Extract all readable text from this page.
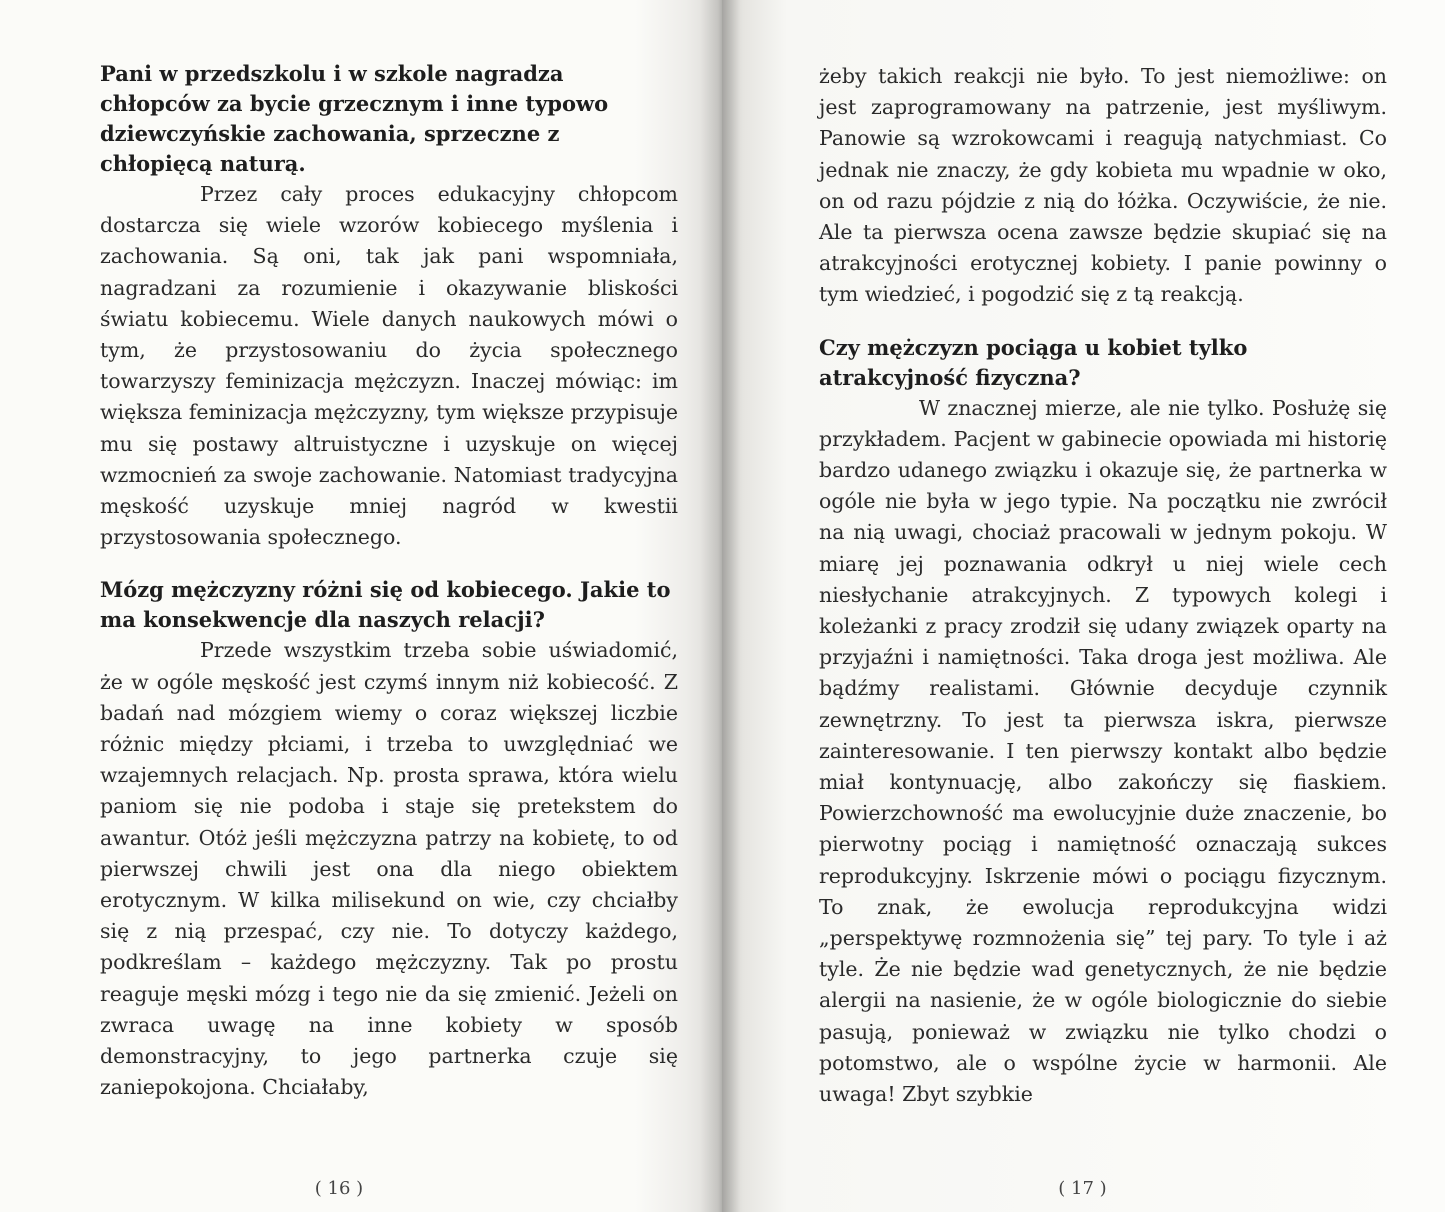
Pani w przedszkolu i w szkole nagradza chłopców za bycie grzecznym i inne typowo dziewczyńskie zachowania, sprzeczne z chłopięcą naturą.
Przez cały proces edukacyjny chłopcom dostarcza się wiele wzorów kobiecego myślenia i zachowania. Są oni, tak jak pani wspomniała, nagradzani za rozumienie i okazywanie bliskości światu kobiecemu. Wiele danych naukowych mówi o tym, że przystosowaniu do życia społecznego towarzyszy feminizacja mężczyzn. Inaczej mówiąc: im większa feminizacja mężczyzny, tym większe przypisuje mu się postawy altruistyczne i uzyskuje on więcej wzmocnień za swoje zachowanie. Natomiast tradycyjna męskość uzyskuje mniej nagród w kwestii przystosowania społecznego.
Mózg mężczyzny różni się od kobiecego. Jakie to ma konsekwencje dla naszych relacji?
Przede wszystkim trzeba sobie uświadomić, że w ogóle męskość jest czymś innym niż kobiecość. Z badań nad mózgiem wiemy o coraz większej liczbie różnic między płciami, i trzeba to uwzględniać we wzajemnych relacjach. Np. prosta sprawa, która wielu paniom się nie podoba i staje się pretekstem do awantur. Otóż jeśli mężczyzna patrzy na kobietę, to od pierwszej chwili jest ona dla niego obiektem erotycznym. W kilka milisekund on wie, czy chciałby się z nią przespać, czy nie. To dotyczy każdego, podkreślam – każdego mężczyzny. Tak po prostu reaguje męski mózg i tego nie da się zmienić. Jeżeli on zwraca uwagę na inne kobiety w sposób demonstracyjny, to jego partnerka czuje się zaniepokojona. Chciałaby,
( 16 )
żeby takich reakcji nie było. To jest niemożliwe: on jest zaprogramowany na patrzenie, jest myśliwym. Panowie są wzrokowcami i reagują natychmiast. Co jednak nie znaczy, że gdy kobieta mu wpadnie w oko, on od razu pójdzie z nią do łóżka. Oczywiście, że nie. Ale ta pierwsza ocena zawsze będzie skupiać się na atrakcyjności erotycznej kobiety. I panie powinny o tym wiedzieć, i pogodzić się z tą reakcją.
Czy mężczyzn pociąga u kobiet tylko atrakcyjność fizyczna?
W znacznej mierze, ale nie tylko. Posłużę się przykładem. Pacjent w gabinecie opowiada mi historię bardzo udanego związku i okazuje się, że partnerka w ogóle nie była w jego typie. Na początku nie zwrócił na nią uwagi, chociaż pracowali w jednym pokoju. W miarę jej poznawania odkrył u niej wiele cech niesłychanie atrakcyjnych. Z typowych kolegi i koleżanki z pracy zrodził się udany związek oparty na przyjaźni i namiętności. Taka droga jest możliwa. Ale bądźmy realistami. Głównie decyduje czynnik zewnętrzny. To jest ta pierwsza iskra, pierwsze zainteresowanie. I ten pierwszy kontakt albo będzie miał kontynuację, albo zakończy się fiaskiem. Powierzchowność ma ewolucyjnie duże znaczenie, bo pierwotny pociąg i namiętność oznaczają sukces reprodukcyjny. Iskrzenie mówi o pociągu fizycznym. To znak, że ewolucja reprodukcyjna widzi „perspektywę rozmnożenia się” tej pary. To tyle i aż tyle. Że nie będzie wad genetycznych, że nie będzie alergii na nasienie, że w ogóle biologicznie do siebie pasują, ponieważ w związku nie tylko chodzi o potomstwo, ale o wspólne życie w harmonii. Ale uwaga! Zbyt szybkie
( 17 )
